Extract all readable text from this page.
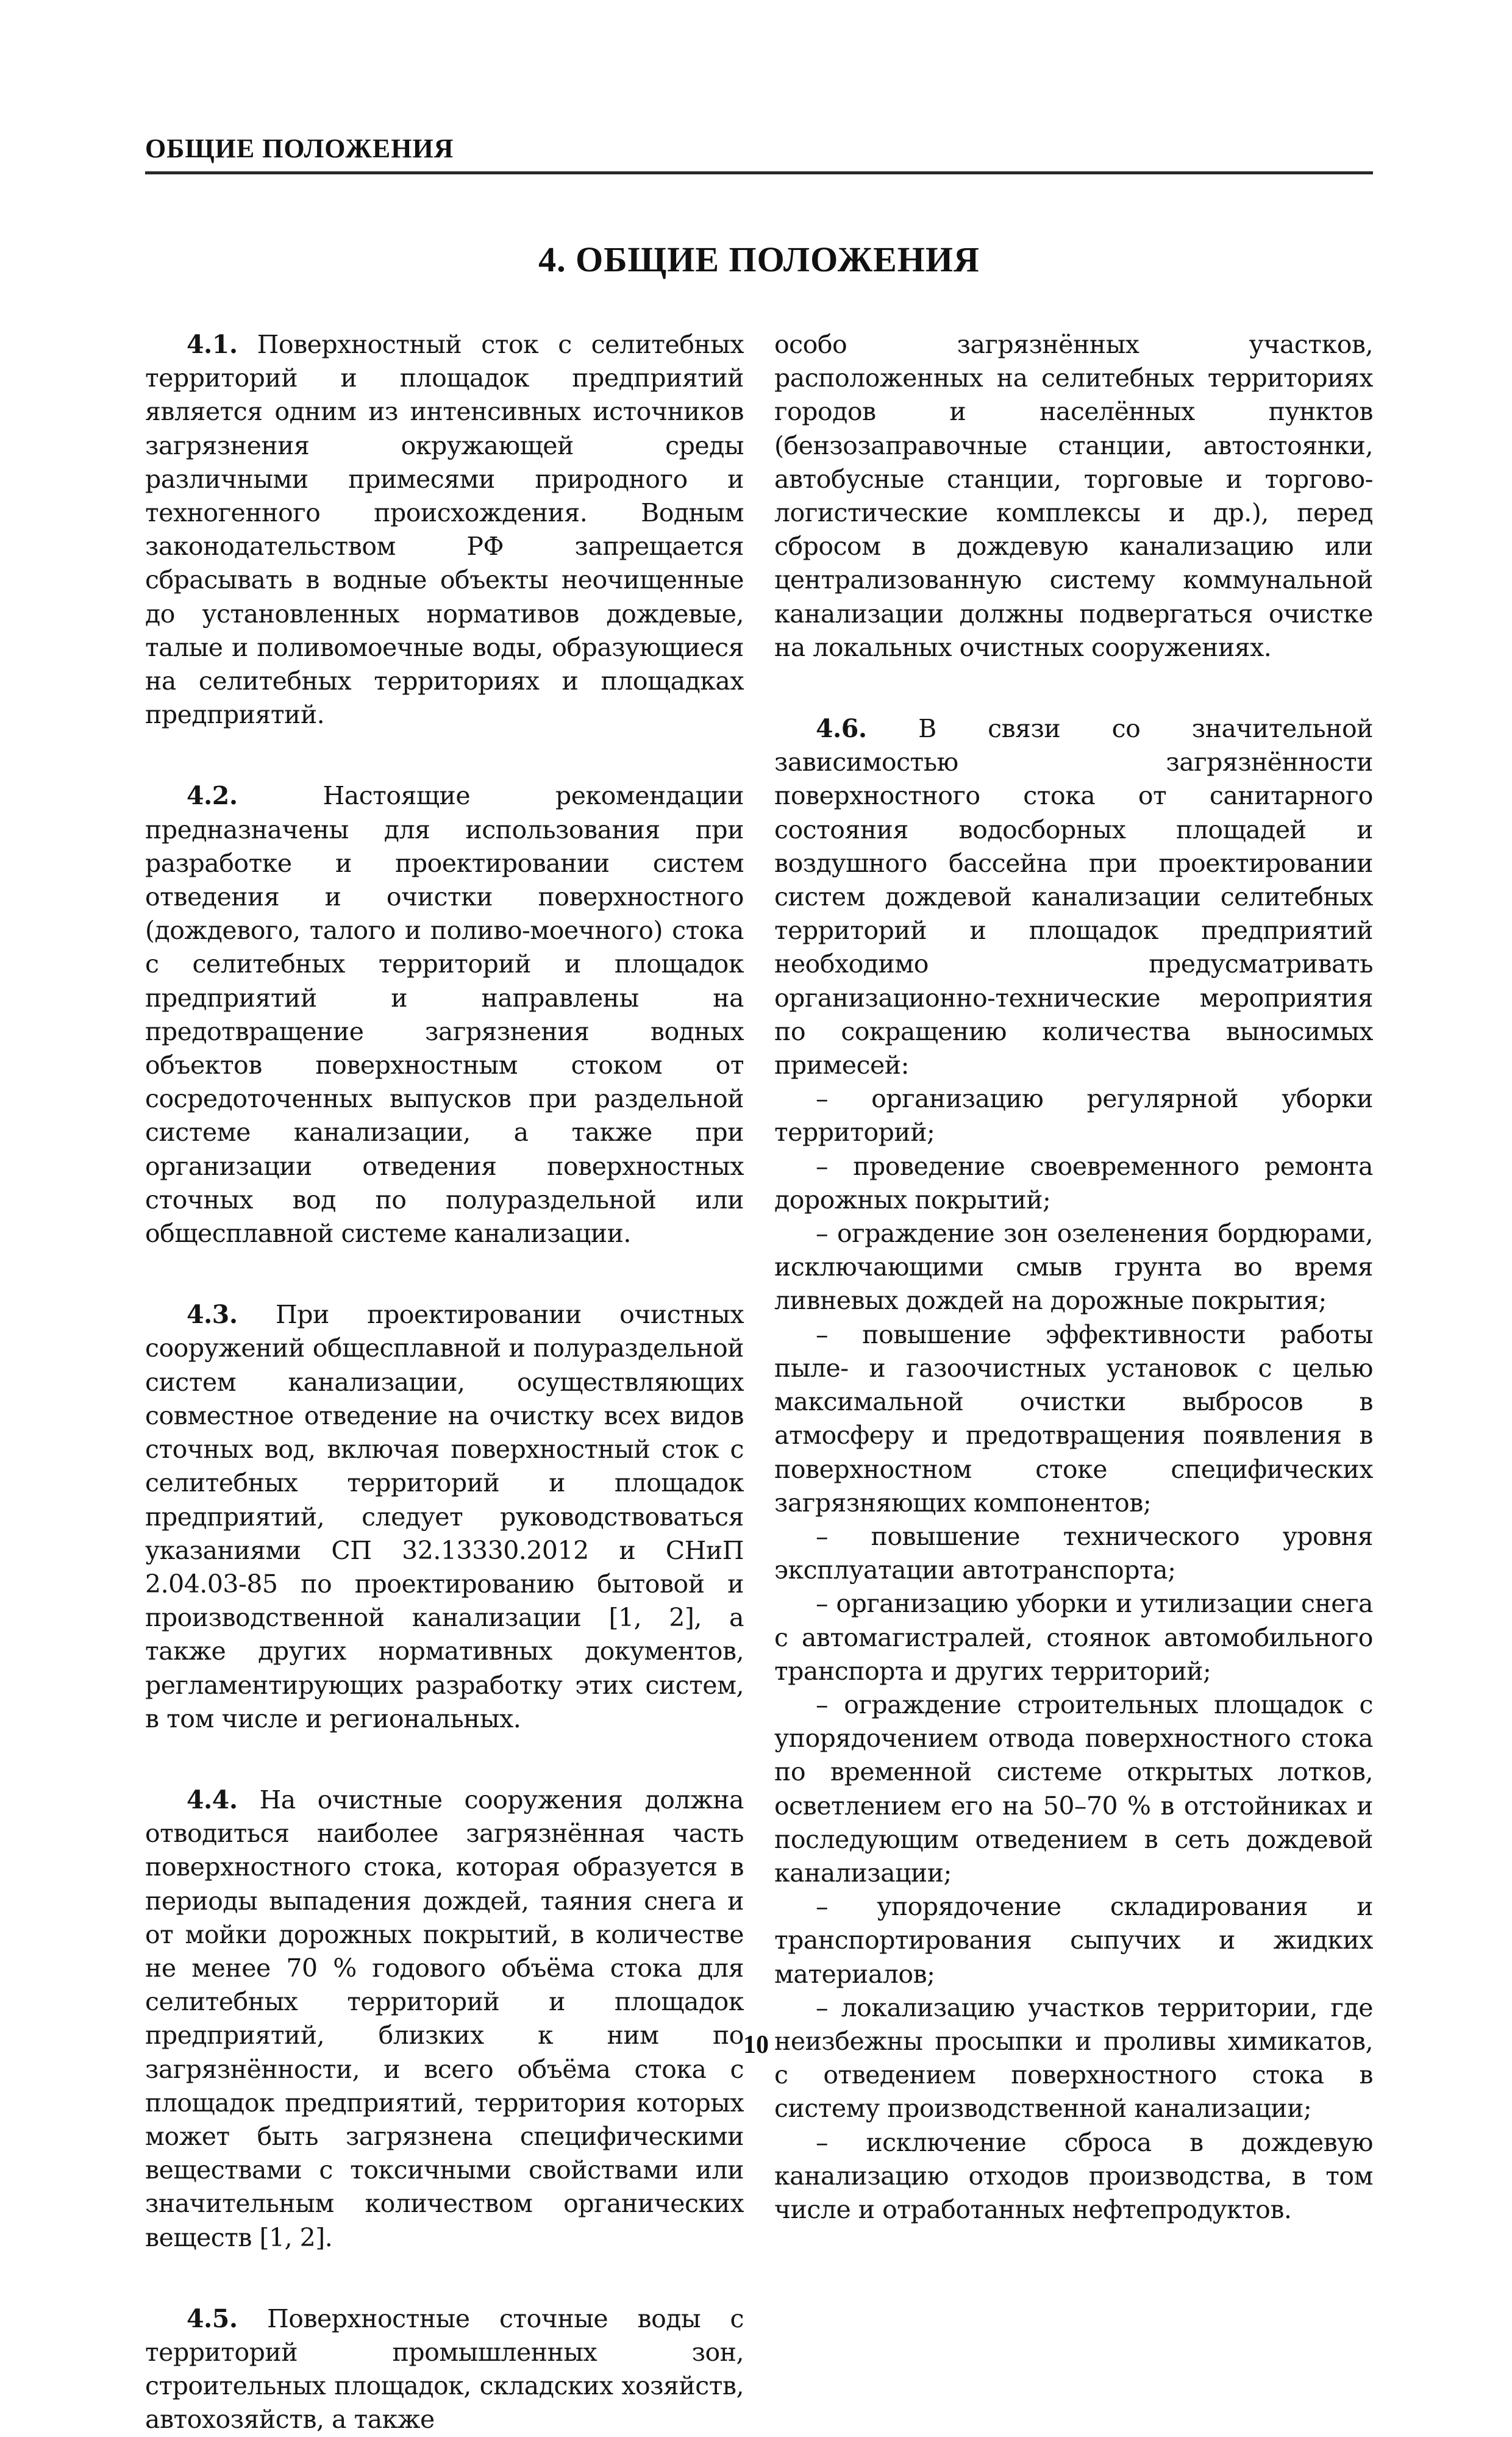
ОБЩИЕ ПОЛОЖЕНИЯ
4. ОБЩИЕ ПОЛОЖЕНИЯ

4.1. Поверхностный сток с селитебных территорий и площадок предприятий является одним из интенсивных источников загрязнения окружающей среды различными примесями природного и техногенного происхождения. Водным законодательством РФ запрещается сбрасывать в водные объекты неочищенные до установленных нормативов дождевые, талые и поливомоечные воды, образующиеся на селитебных территориях и площадках предприятий.

4.2.	Настоящие рекомендации предназначены для использования при разработке и проектировании систем отведения и очистки поверхностного (дождевого, талого и поливо-моечного) стока с селитебных территорий и площадок предприятий и направлены на предотвращение загрязнения водных объектов поверхностным стоком от сосредоточенных выпусков при раздельной системе канализации, а также при организации отведения поверхностных сточных вод по полураздельной или общесплавной системе канализации.

4.3. При проектировании очистных сооружений общесплавной и полураздельной систем канализации, осуществляющих совместное отведение на очистку всех видов сточных вод, включая поверхностный сток с селитебных территорий и площадок предприятий, следует руководствоваться указаниями СП 32.13330.2012 и СНиП 2.04.03-85 по проектированию бытовой и производственной канализации [1, 2], а также других нормативных документов, регламентирующих разработку этих систем, в том числе и региональных.

4.4. На очистные сооружения должна отводиться наиболее загрязнённая часть поверхностного стока, которая образуется в периоды выпадения дождей, таяния снега и от мойки дорожных покрытий, в количестве не менее 70 % годового объёма стока для селитебных территорий и площадок предприятий, близких к ним по загрязнённости, и всего объёма стока с площадок предприятий, территория которых может быть загрязнена специфическими веществами с токсичными свойствами или значительным количеством органических веществ [1, 2].

4.5. Поверхностные сточные воды с территорий промышленных зон, строительных площадок, складских хозяйств, автохозяйств, а также

особо загрязнённых участков, расположенных на селитебных территориях городов и населённых пунктов (бензозаправочные станции, автостоянки, автобусные станции, торговые и торгово-логистические комплексы и др.), перед сбросом в дождевую канализацию или централизованную систему коммунальной канализации должны подвергаться очистке на локальных очистных сооружениях.

4.6. В связи со значительной зависимостью загрязнённости поверхностного стока от санитарного состояния водосборных площадей и воздушного бассейна при проектировании систем дождевой канализации селитебных территорий и площадок предприятий необходимо предусматривать организационно-технические мероприятия по сокращению количества выносимых примесей:

– организацию регулярной уборки территорий;

– проведение своевременного ремонта дорожных покрытий;

– ограждение зон озеленения бордюрами, исключающими смыв грунта во время ливневых дождей на дорожные покрытия;

– повышение эффективности работы пыле- и газоочистных установок с целью максимальной очистки выбросов в атмосферу и предотвращения появления в поверхностном стоке специфических загрязняющих компонентов;

– повышение технического уровня эксплуатации автотранспорта;

– организацию уборки и утилизации снега с автомагистралей, стоянок автомобильного транспорта и других территорий;

– ограждение строительных площадок с упорядочением отвода поверхностного стока по временной системе открытых лотков, осветлением его на 50–70 % в отстойниках и последующим отведением в сеть дождевой канализации;

– упорядочение складирования и транспортирования сыпучих и жидких материалов;

– локализацию участков территории, где неизбежны просыпки и проливы химикатов, с отведением поверхностного стока в систему производственной канализации;

– исключение сброса в дождевую канализацию отходов производства, в том числе и отработанных нефтепродуктов.

10
